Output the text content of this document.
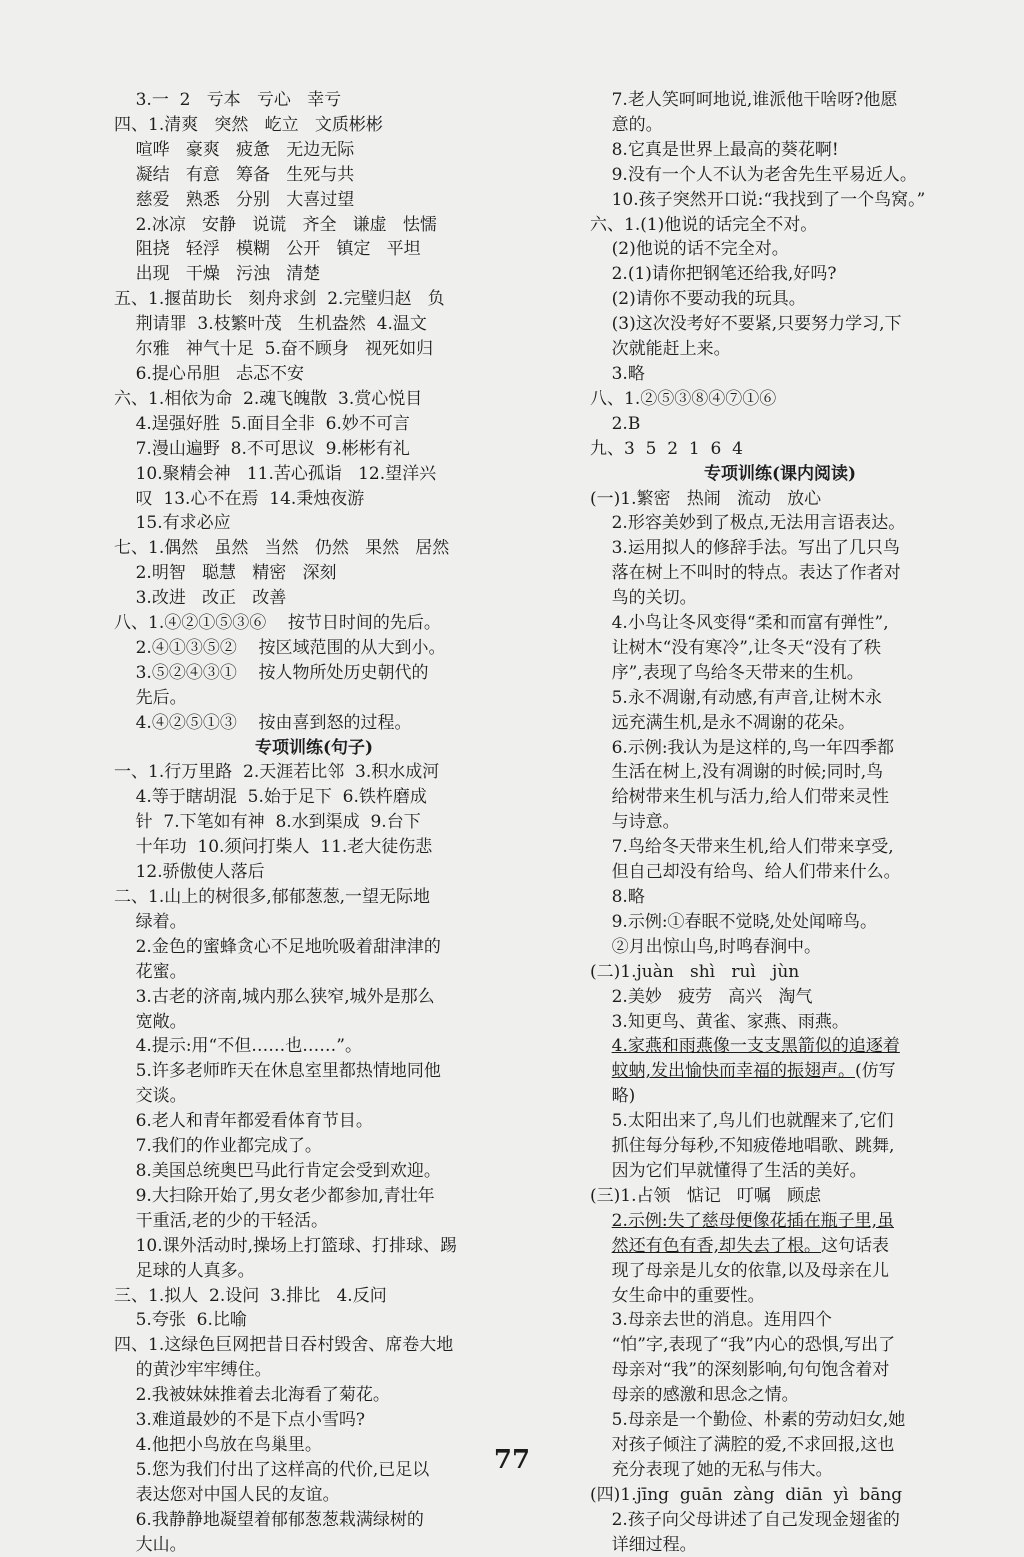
3.一  2   亏本   亏心   幸亏
四、1.清爽   突然   屹立   文质彬彬
喧哗   豪爽   疲惫   无边无际
凝结   有意   筹备   生死与共
慈爱   熟悉   分别   大喜过望
2.冰凉   安静   说谎   齐全   谦虚   怯懦
阻挠   轻浮   模糊   公开   镇定   平坦
出现   干燥   污浊   清楚
五、1.揠苗助长   刻舟求剑  2.完璧归赵   负
荆请罪  3.枝繁叶茂   生机盎然  4.温文
尔雅   神气十足  5.奋不顾身   视死如归
6.提心吊胆   忐忑不安
六、1.相依为命  2.魂飞魄散  3.赏心悦目
4.逞强好胜  5.面目全非  6.妙不可言
7.漫山遍野  8.不可思议  9.彬彬有礼
10.聚精会神   11.苦心孤诣   12.望洋兴
叹  13.心不在焉  14.秉烛夜游
15.有求必应
七、1.偶然   虽然   当然   仍然   果然   居然
2.明智   聪慧   精密   深刻
3.改进   改正   改善
八、1.④②①⑤③⑥    按节日时间的先后。
2.④①③⑤②    按区域范围的从大到小。
3.⑤②④③①    按人物所处历史朝代的
先后。
4.④②⑤①③    按由喜到怒的过程。
专项训练(句子)
一、1.行万里路  2.天涯若比邻  3.积水成河
4.等于瞎胡混  5.始于足下  6.铁杵磨成
针  7.下笔如有神  8.水到渠成  9.台下
十年功  10.须问打柴人  11.老大徒伤悲
12.骄傲使人落后
二、1.山上的树很多,郁郁葱葱,一望无际地
绿着。
2.金色的蜜蜂贪心不足地吮吸着甜津津的
花蜜。
3.古老的济南,城内那么狭窄,城外是那么
宽敞。
4.提示:用“不但……也……”。
5.许多老师昨天在休息室里都热情地同他
交谈。
6.老人和青年都爱看体育节目。
7.我们的作业都完成了。
8.美国总统奥巴马此行肯定会受到欢迎。
9.大扫除开始了,男女老少都参加,青壮年
干重活,老的少的干轻活。
10.课外活动时,操场上打篮球、打排球、踢
足球的人真多。
三、1.拟人  2.设问  3.排比   4.反问
5.夸张  6.比喻
四、1.这绿色巨网把昔日吞村毁舍、席卷大地
的黄沙牢牢缚住。
2.我被妹妹推着去北海看了菊花。
3.难道最妙的不是下点小雪吗?
4.他把小鸟放在鸟巢里。
5.您为我们付出了这样高的代价,已足以
表达您对中国人民的友谊。
6.我静静地凝望着郁郁葱葱栽满绿树的
大山。
7.老人笑呵呵地说,谁派他干啥呀?他愿
意的。
8.它真是世界上最高的葵花啊!
9.没有一个人不认为老舍先生平易近人。
10.孩子突然开口说:“我找到了一个鸟窝。”
六、1.(1)他说的话完全不对。
(2)他说的话不完全对。
2.(1)请你把钢笔还给我,好吗?
(2)请你不要动我的玩具。
(3)这次没考好不要紧,只要努力学习,下
次就能赶上来。
3.略
八、1.②⑤③⑧④⑦①⑥
2.B
九、3  5  2  1  6  4
专项训练(课内阅读)
(一)1.繁密   热闹   流动   放心
2.形容美妙到了极点,无法用言语表达。
3.运用拟人的修辞手法。写出了几只鸟
落在树上不叫时的特点。表达了作者对
鸟的关切。
4.小鸟让冬风变得“柔和而富有弹性”,
让树木“没有寒冷”,让冬天“没有了秩
序”,表现了鸟给冬天带来的生机。
5.永不凋谢,有动感,有声音,让树木永
远充满生机,是永不凋谢的花朵。
6.示例:我认为是这样的,鸟一年四季都
生活在树上,没有凋谢的时候;同时,鸟
给树带来生机与活力,给人们带来灵性
与诗意。
7.鸟给冬天带来生机,给人们带来享受,
但自己却没有给鸟、给人们带来什么。
8.略
9.示例:①春眠不觉晓,处处闻啼鸟。
②月出惊山鸟,时鸣春涧中。
(二)1.juàn   shì   ruì   jùn
2.美妙   疲劳   高兴   淘气
3.知更鸟、黄雀、家燕、雨燕。
4.家燕和雨燕像一支支黑箭似的追逐着
蚊蚋,发出愉快而幸福的振翅声。(仿写
略)
5.太阳出来了,鸟儿们也就醒来了,它们
抓住每分每秒,不知疲倦地唱歌、跳舞,
因为它们早就懂得了生活的美好。
(三)1.占领   惦记   叮嘱   顾虑
2.示例:失了慈母便像花插在瓶子里,虽
然还有色有香,却失去了根。这句话表
现了母亲是儿女的依靠,以及母亲在儿
女生命中的重要性。
3.母亲去世的消息。连用四个
“怕”字,表现了“我”内心的恐惧,写出了
母亲对“我”的深刻影响,句句饱含着对
母亲的感激和思念之情。
5.母亲是一个勤俭、朴素的劳动妇女,她
对孩子倾注了满腔的爱,不求回报,这也
充分表现了她的无私与伟大。
(四)1.jīng  guān  zàng  diān  yì  bāng
2.孩子向父母讲述了自己发现金翅雀的
详细过程。
77
